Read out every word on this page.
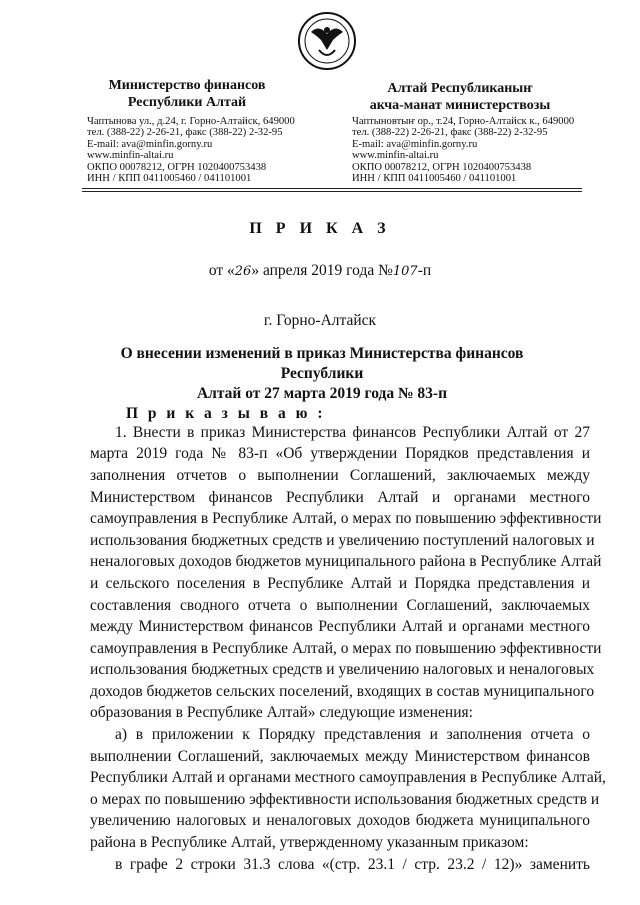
Министерство финансов
Республики Алтай
Чаптынова ул., д.24, г. Горно-Алтайск, 649000
тел. (388-22) 2-26-21, факс (388-22) 2-32-95
E-mail: ava@minfin.gorny.ru
www.minfin-altai.ru
ОКПО 00078212, ОГРН 1020400753438
ИНН / КПП 0411005460 / 041101001
Алтай Республиканыҥ
акча-манат министерствозы
Чаптыновтыҥ ор., т.24, Горно-Алтайск к., 649000
тел. (388-22) 2-26-21, факс (388-22) 2-32-95
E-mail: ava@minfin.gorny.ru
www.minfin-altai.ru
ОКПО 00078212, ОГРН 1020400753438
ИНН / КПП 0411005460 / 041101001
П Р И К А З
от «26» апреля 2019 года №107-п
г. Горно-Алтайск
О внесении изменений в приказ Министерства финансов Республики
Алтай от 27 марта 2019 года № 83-п
П р и к а з ы в а ю :
1. Внести в приказ Министерства финансов Республики Алтай от 27
марта 2019 года № 83-п «Об утверждении Порядков представления и
заполнения отчетов о выполнении Соглашений, заключаемых между
Министерством финансов Республики Алтай и органами местного
самоуправления в Республике Алтай, о мерах по повышению эффективности
использования бюджетных средств и увеличению поступлений налоговых и
неналоговых доходов бюджетов муниципального района в Республике Алтай
и сельского поселения в Республике Алтай и Порядка представления и
составления сводного отчета о выполнении Соглашений, заключаемых
между Министерством финансов Республики Алтай и органами местного
самоуправления в Республике Алтай, о мерах по повышению эффективности
использования бюджетных средств и увеличению налоговых и неналоговых
доходов бюджетов сельских поселений, входящих в состав муниципального
образования в Республике Алтай» следующие изменения:
а) в приложении к Порядку представления и заполнения отчета о
выполнении Соглашений, заключаемых между Министерством финансов
Республики Алтай и органами местного самоуправления в Республике Алтай,
о мерах по повышению эффективности использования бюджетных средств и
увеличению налоговых и неналоговых доходов бюджета муниципального
района в Республике Алтай, утвержденному указанным приказом:
в графе 2 строки 31.3 слова «(стр. 23.1 / стр. 23.2 / 12)» заменить
